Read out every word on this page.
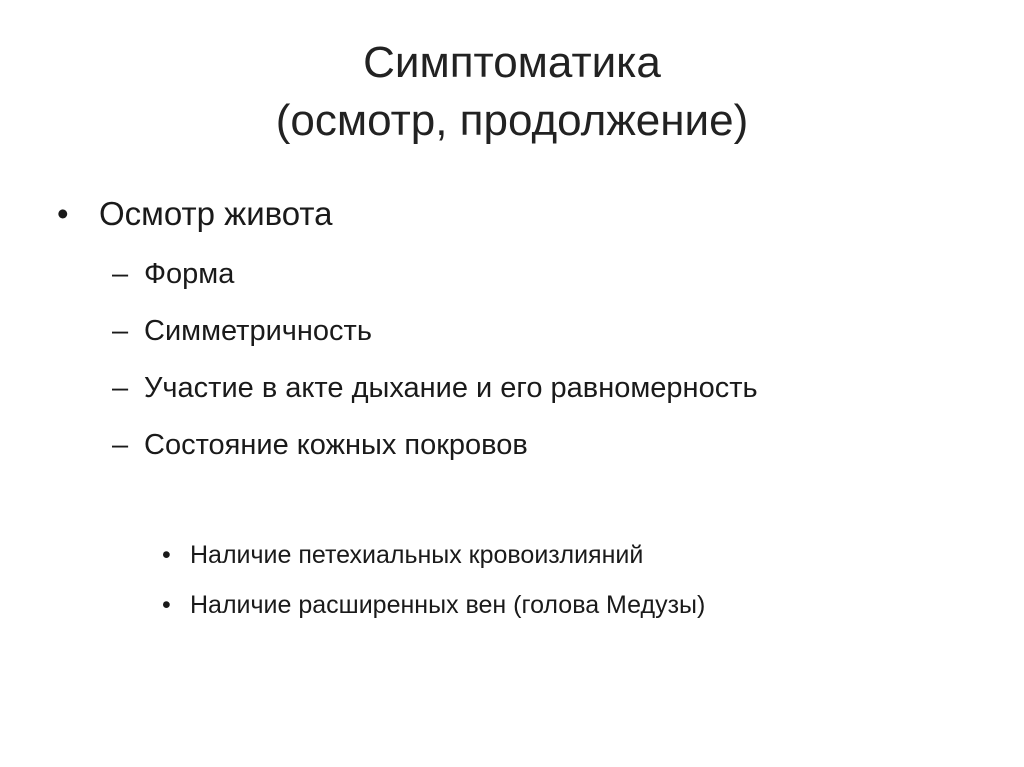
Симптоматика
(осмотр, продолжение)
• Осмотр живота
– Форма
– Симметричность
– Участие в акте дыхание и его равномерность
– Состояние кожных покровов
• Наличие петехиальных кровоизлияний
• Наличие расширенных вен (голова Медузы)
